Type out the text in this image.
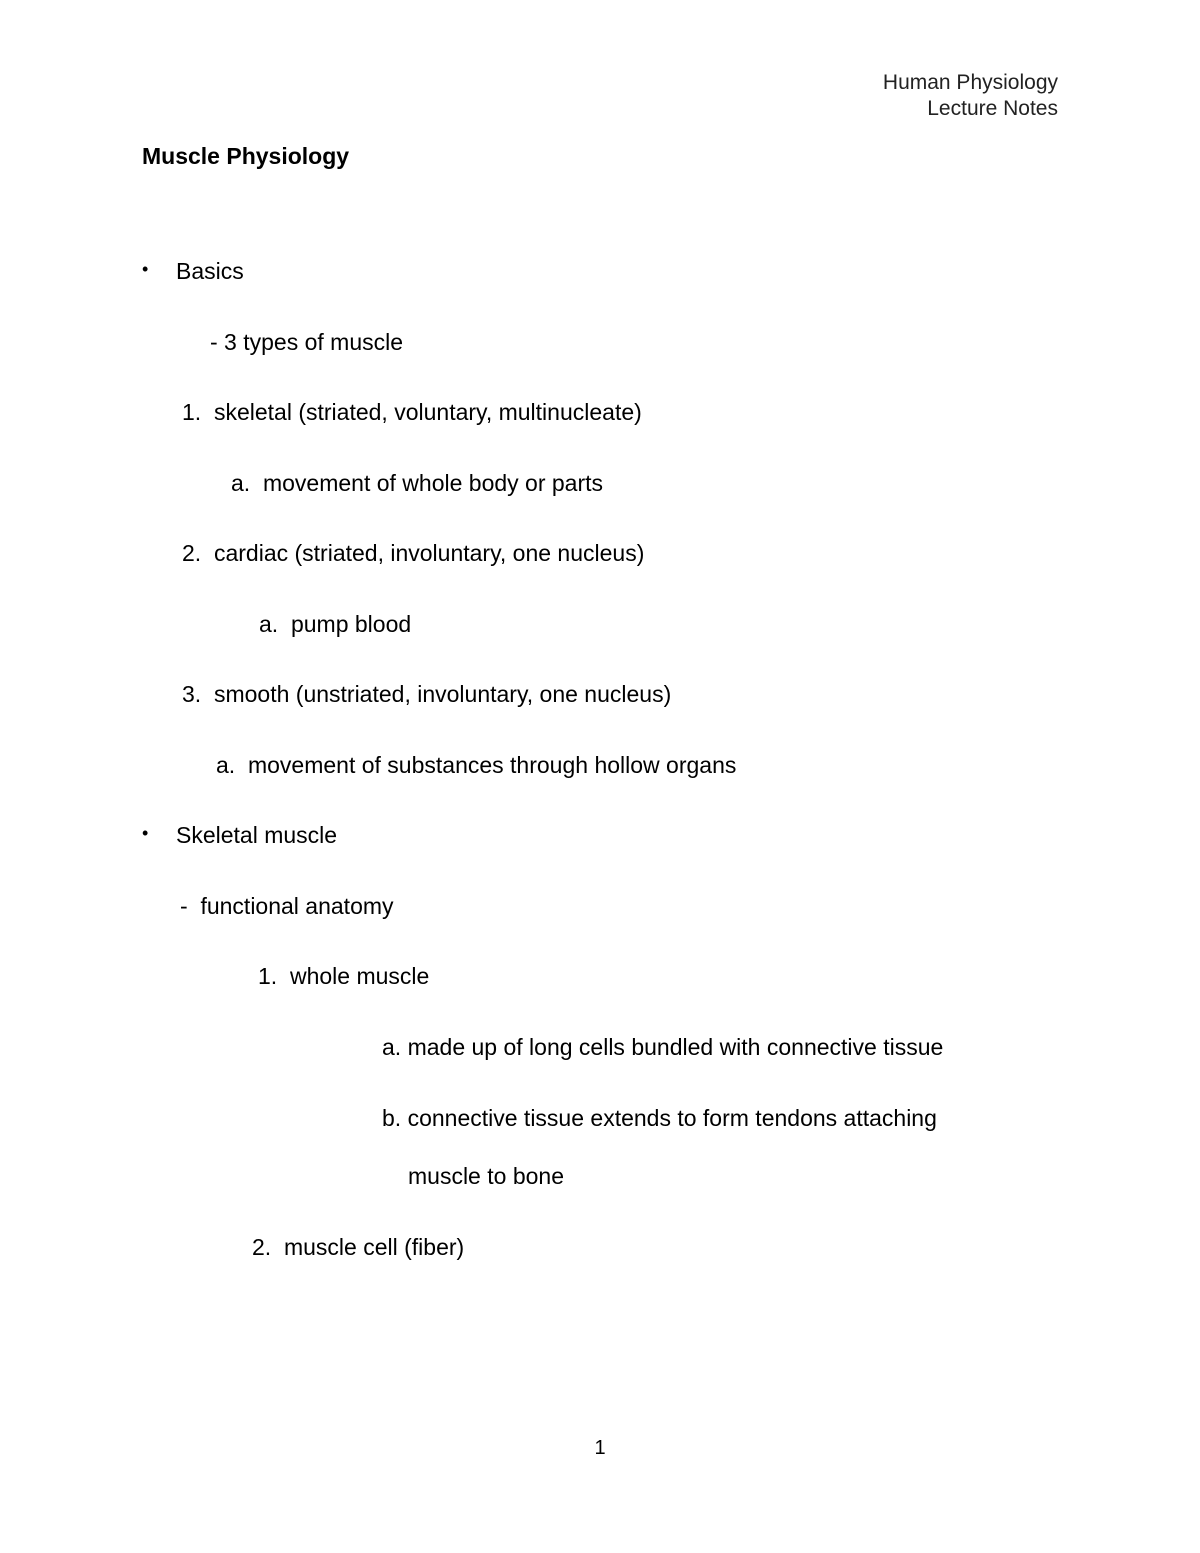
Human Physiology
Lecture Notes
Muscle Physiology
• Basics
- 3 types of muscle
1. skeletal (striated, voluntary, multinucleate)
a. movement of whole body or parts
2. cardiac (striated, involuntary, one nucleus)
a. pump blood
3. smooth (unstriated, involuntary, one nucleus)
a. movement of substances through hollow organs
• Skeletal muscle
- functional anatomy
1. whole muscle
a. made up of long cells bundled with connective tissue
b. connective tissue extends to form tendons attaching
muscle to bone
2. muscle cell (fiber)
1
